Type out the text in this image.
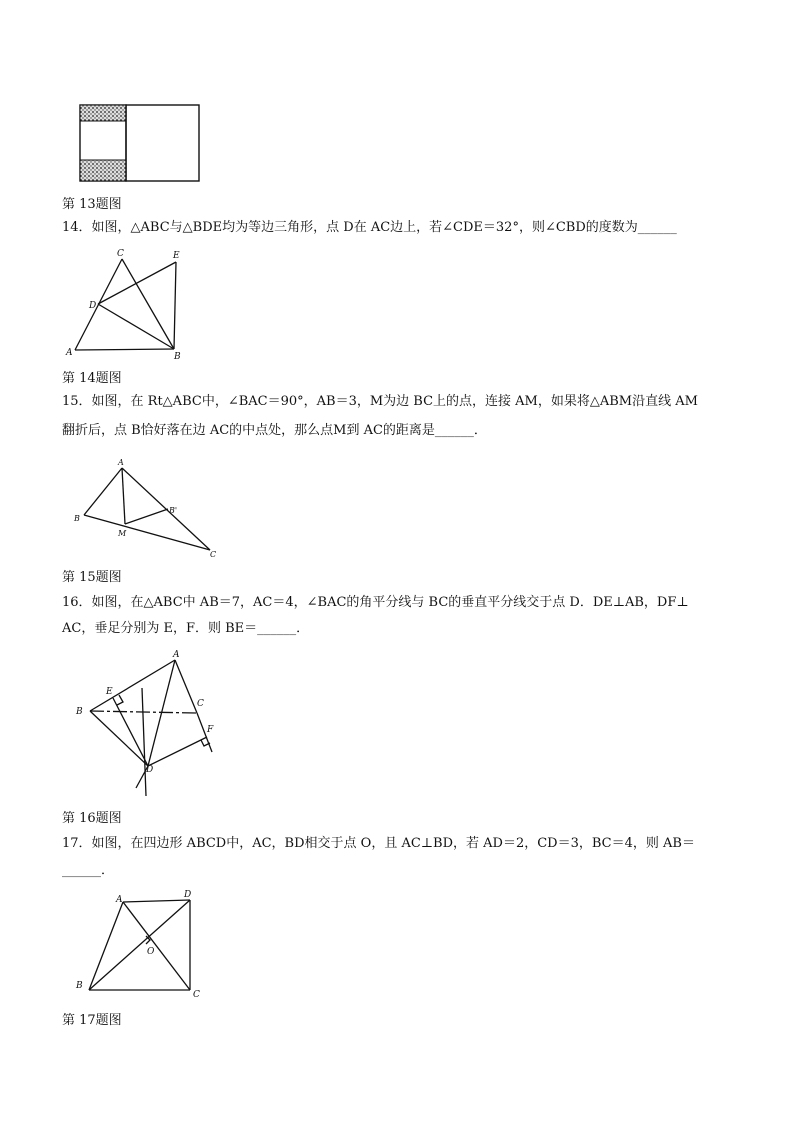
第 13题图
14．如图，△ABC与△BDE均为等边三角形，点 D在 AC边上，若∠CDE＝32°，则∠CBD的度数为______
C	E
D
A	B
第 14题图
15．如图，在 Rt△ABC中，∠BAC＝90°，AB＝3，M为边 BC上的点，连接 AM，如果将△ABM沿直线 AM
翻折后，点 B恰好落在边 AC的中点处，那么点M到 AC的距离是______．
A
B
B'
M
C
第 15题图
16．如图，在△ABC中 AB＝7，AC＝4，∠BAC的角平分线与 BC的垂直平分线交于点 D．DE⊥AB，DF⊥
AC，垂足分别为 E，F．则 BE＝______．
A
E
C
B
F
D
第 16题图
17．如图，在四边形 ABCD中，AC，BD相交于点 O，且 AC⊥BD，若 AD＝2，CD＝3，BC＝4，则 AB＝
______．
A	D
O
B
C
第 17题图
